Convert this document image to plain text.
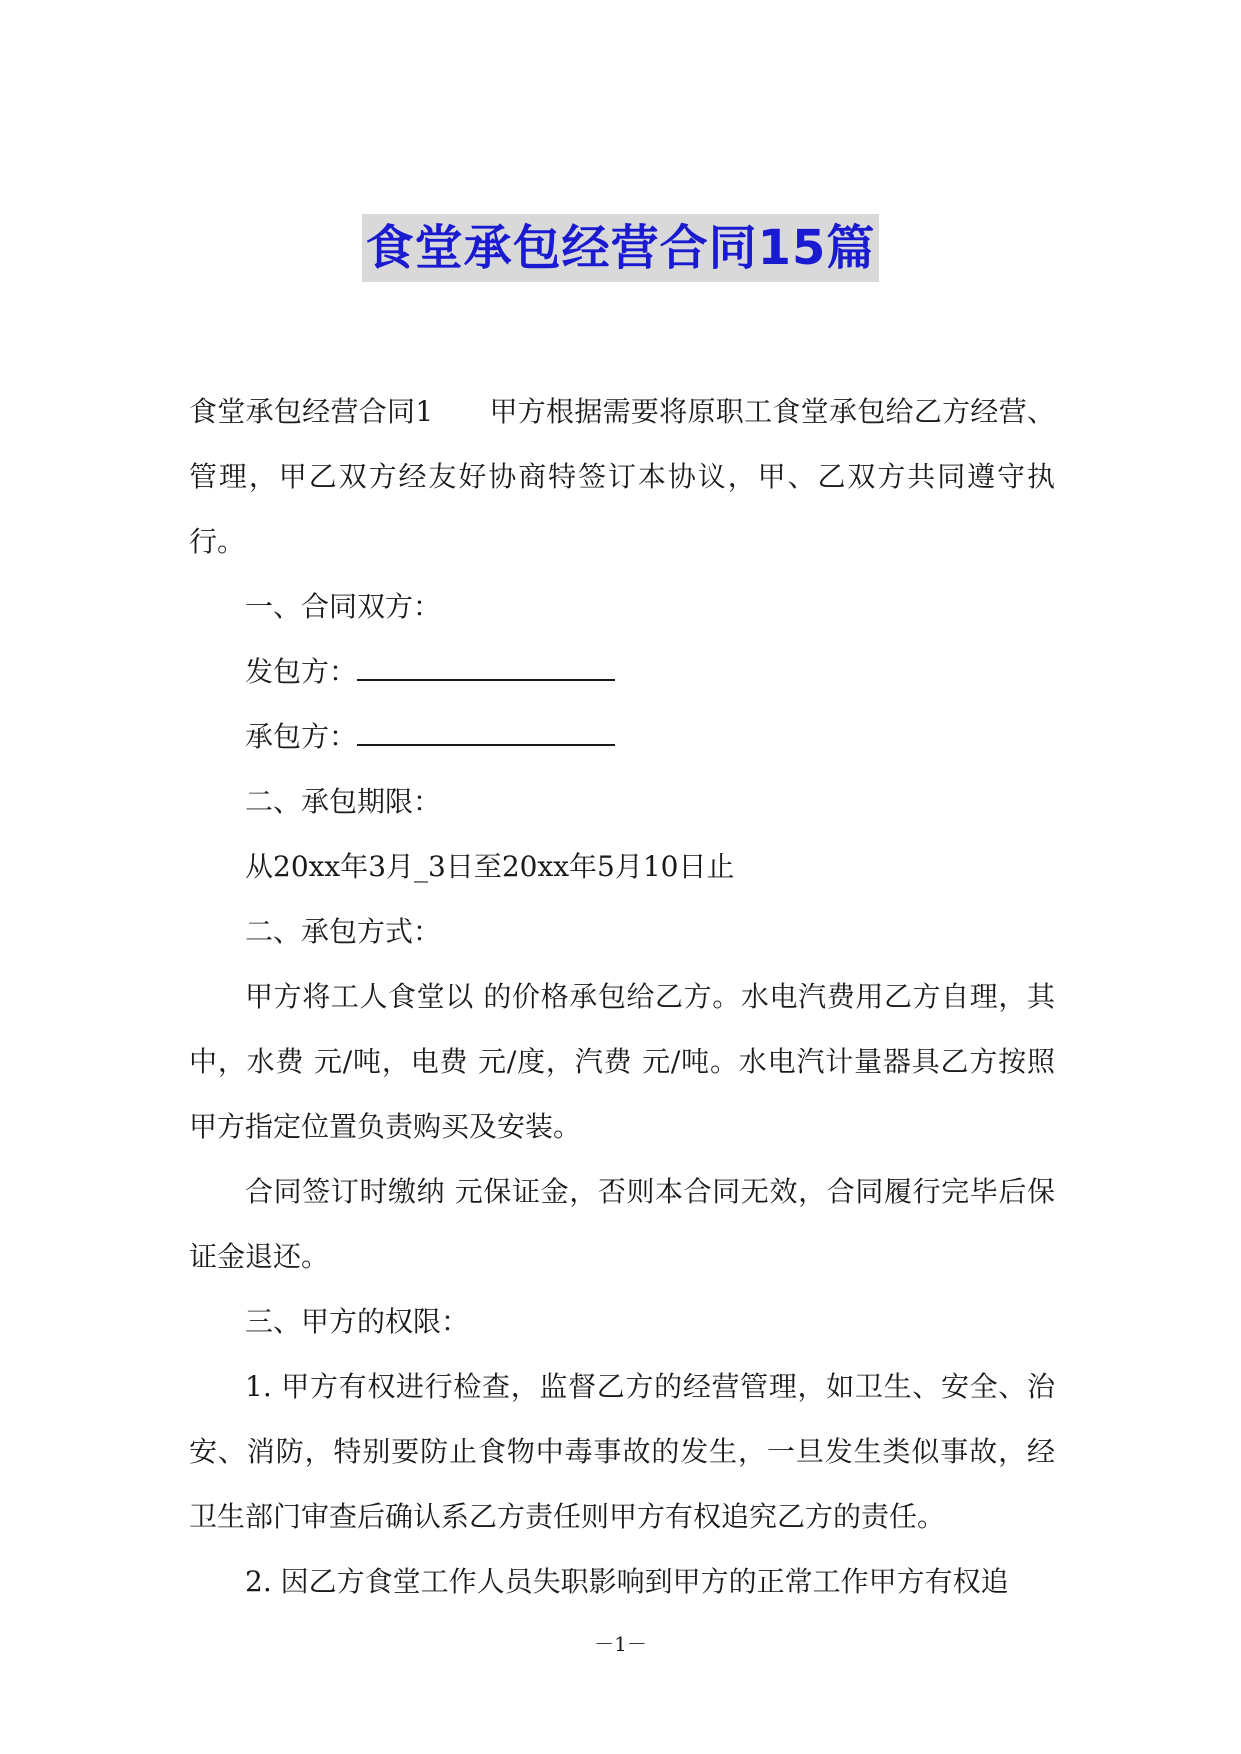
食堂承包经营合同15篇

食堂承包经营合同1 甲方根据需要将原职工食堂承包给乙方经营、管理，甲乙双方经友好协商特签订本协议，甲、乙双方共同遵守执行。

一、合同双方：

发包方：

承包方：

二、承包期限：

从20xx年3月_3日至20xx年5月10日止

二、承包方式：

甲方将工人食堂以 的价格承包给乙方。水电汽费用乙方自理，其中，水费 元/吨，电费 元/度，汽费 元/吨。水电汽计量器具乙方按照甲方指定位置负责购买及安装。

合同签订时缴纳 元保证金，否则本合同无效，合同履行完毕后保证金退还。

三、甲方的权限：

1. 甲方有权进行检查，监督乙方的经营管理，如卫生、安全、治安、消防，特别要防止食物中毒事故的发生，一旦发生类似事故，经卫生部门审查后确认系乙方责任则甲方有权追究乙方的责任。

2. 因乙方食堂工作人员失职影响到甲方的正常工作甲方有权追

－1－
